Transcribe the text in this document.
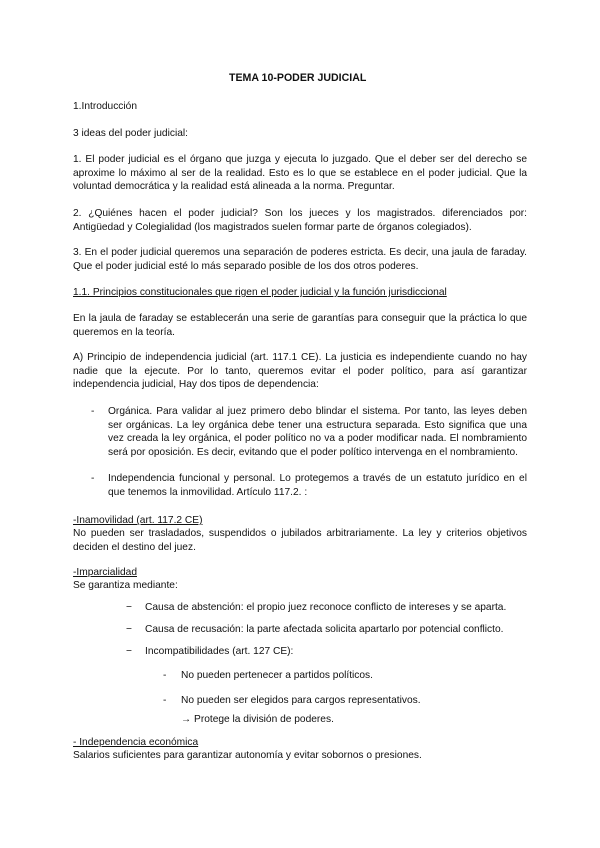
TEMA 10-PODER JUDICIAL

1.Introducción

3 ideas del poder judicial:

1. El poder judicial es el órgano que juzga y ejecuta lo juzgado. Que el deber ser del derecho se aproxime lo máximo al ser de la realidad. Esto es lo que se establece en el poder judicial. Que la voluntad democrática y la realidad está alineada a la norma. Preguntar.

2. ¿Quiénes hacen el poder judicial? Son los jueces y los magistrados. diferenciados por: Antigüedad y Colegialidad (los magistrados suelen formar parte de órganos colegiados).

3. En el poder judicial queremos una separación de poderes estricta. Es decir, una jaula de faraday. Que el poder judicial esté lo más separado posible de los dos otros poderes.

1.1. Principios constitucionales que rigen el poder judicial y la función jurisdiccional

En la jaula de faraday se establecerán una serie de garantías para conseguir que la práctica lo que queremos en la teoría.

A) Principio de independencia judicial (art. 117.1 CE). La justicia es independiente cuando no hay nadie que la ejecute. Por lo tanto, queremos evitar el poder político, para así garantizar independencia judicial, Hay dos tipos de dependencia:

- Orgánica. Para validar al juez primero debo blindar el sistema. Por tanto, las leyes deben ser orgánicas. La ley orgánica debe tener una estructura separada. Esto significa que una vez creada la ley orgánica, el poder político no va a poder modificar nada. El nombramiento será por oposición. Es decir, evitando que el poder político intervenga en el nombramiento.

- Independencia funcional y personal. Lo protegemos a través de un estatuto jurídico en el que tenemos la inmovilidad. Artículo 117.2. :

-Inamovilidad (art. 117.2 CE)

No pueden ser trasladados, suspendidos o jubilados arbitrariamente. La ley y criterios objetivos deciden el destino del juez.

-Imparcialidad

Se garantiza mediante:

− Causa de abstención: el propio juez reconoce conflicto de intereses y se aparta.

− Causa de recusación: la parte afectada solicita apartarlo por potencial conflicto.

− Incompatibilidades (art. 127 CE):

- No pueden pertenecer a partidos políticos.

- No pueden ser elegidos para cargos representativos.

→ Protege la división de poderes.

- Independencia económica

Salarios suficientes para garantizar autonomía y evitar sobornos o presiones.
